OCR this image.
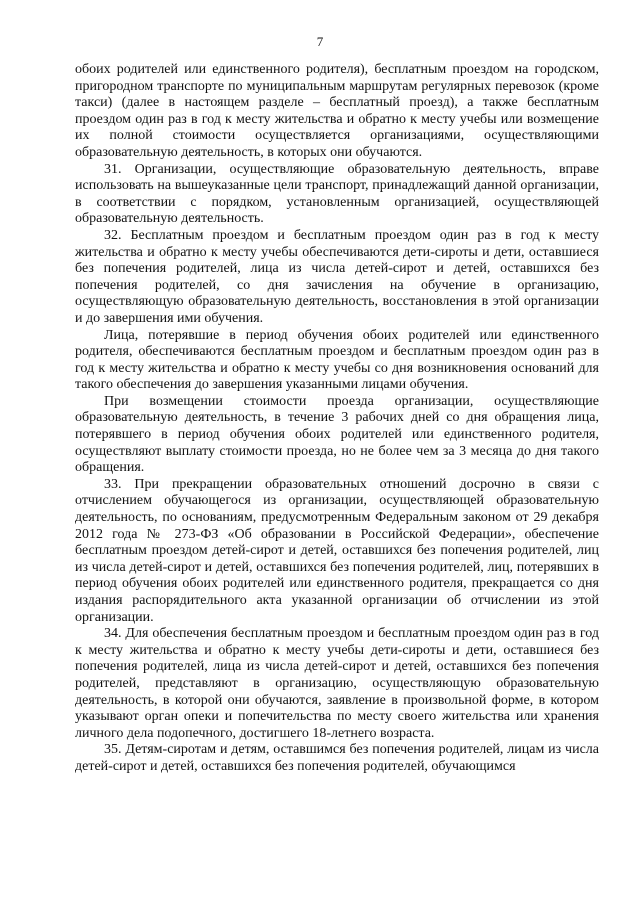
7

обоих родителей или единственного родителя), бесплатным проездом на городском, пригородном транспорте по муниципальным маршрутам регулярных перевозок (кроме такси) (далее в настоящем разделе – бесплатный проезд), а также бесплатным проездом один раз в год к месту жительства и обратно к месту учебы или возмещение их полной стоимости осуществляется организациями, осуществляющими образовательную деятельность, в которых они обучаются.

31. Организации, осуществляющие образовательную деятельность, вправе использовать на вышеуказанные цели транспорт, принадлежащий данной организации, в соответствии с порядком, установленным организацией, осуществляющей образовательную деятельность.

32. Бесплатным проездом и бесплатным проездом один раз в год к месту жительства и обратно к месту учебы обеспечиваются дети-сироты и дети, оставшиеся без попечения родителей, лица из числа детей-сирот и детей, оставшихся без попечения родителей, со дня зачисления на обучение в организацию, осуществляющую образовательную деятельность, восстановления в этой организации и до завершения ими обучения.

Лица, потерявшие в период обучения обоих родителей или единственного родителя, обеспечиваются бесплатным проездом и бесплатным проездом один раз в год к месту жительства и обратно к месту учебы со дня возникновения оснований для такого обеспечения до завершения указанными лицами обучения.

При возмещении стоимости проезда организации, осуществляющие образовательную деятельность, в течение 3 рабочих дней со дня обращения лица, потерявшего в период обучения обоих родителей или единственного родителя, осуществляют выплату стоимости проезда, но не более чем за 3 месяца до дня такого обращения.

33. При прекращении образовательных отношений досрочно в связи с отчислением обучающегося из организации, осуществляющей образовательную деятельность, по основаниям, предусмотренным Федеральным законом от 29 декабря 2012 года № 273-ФЗ «Об образовании в Российской Федерации», обеспечение бесплатным проездом детей-сирот и детей, оставшихся без попечения родителей, лиц из числа детей-сирот и детей, оставшихся без попечения родителей, лиц, потерявших в период обучения обоих родителей или единственного родителя, прекращается со дня издания распорядительного акта указанной организации об отчислении из этой организации.

34. Для обеспечения бесплатным проездом и бесплатным проездом один раз в год к месту жительства и обратно к месту учебы дети-сироты и дети, оставшиеся без попечения родителей, лица из числа детей-сирот и детей, оставшихся без попечения родителей, представляют в организацию, осуществляющую образовательную деятельность, в которой они обучаются, заявление в произвольной форме, в котором указывают орган опеки и попечительства по месту своего жительства или хранения личного дела подопечного, достигшего 18-летнего возраста.

35. Детям-сиротам и детям, оставшимся без попечения родителей, лицам из числа детей-сирот и детей, оставшихся без попечения родителей, обучающимся
